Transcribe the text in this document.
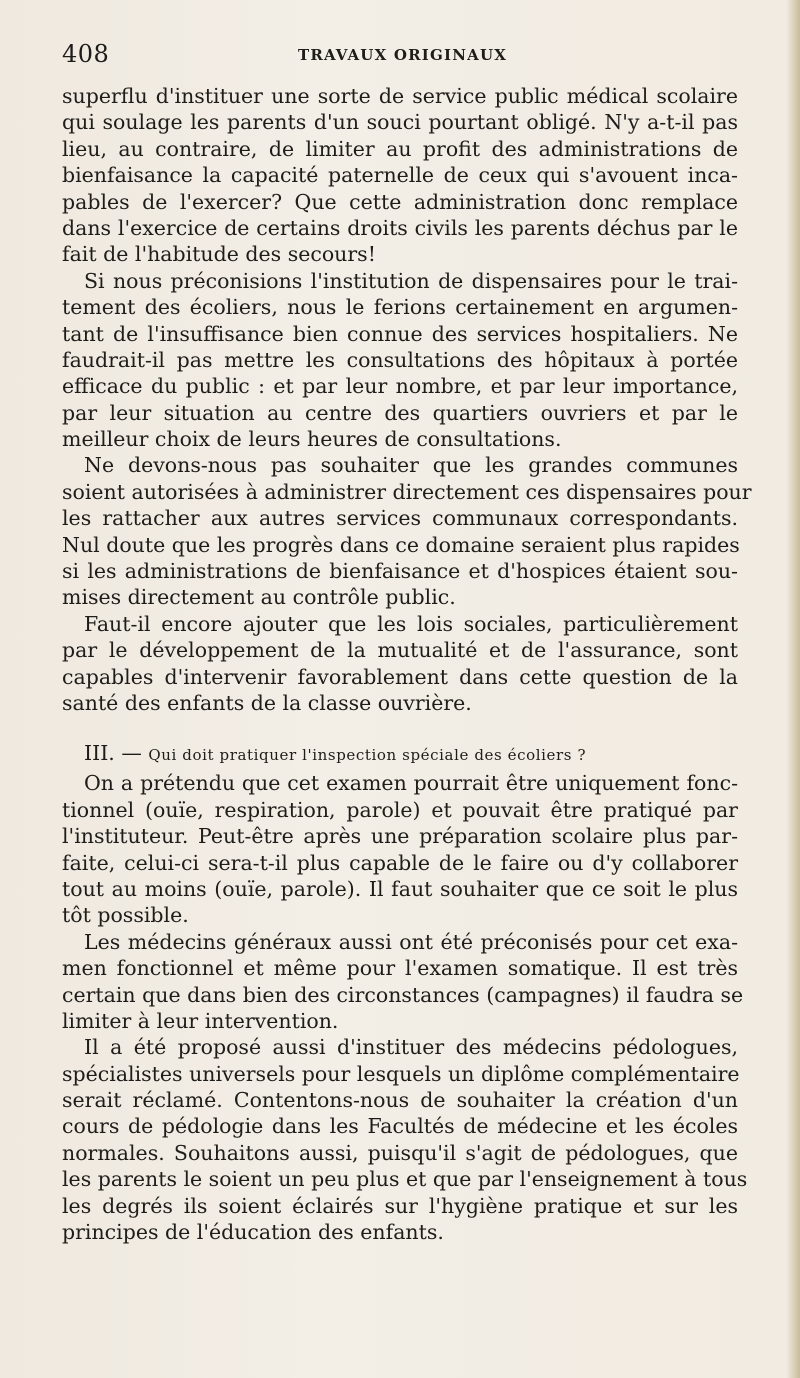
408	TRAVAUX ORIGINAUX
superflu d'instituer une sorte de service public médical scolaire
qui soulage les parents d'un souci pourtant obligé. N'y a-t-il pas
lieu, au contraire, de limiter au profit des administrations de
bienfaisance la capacité paternelle de ceux qui s'avouent inca-
pables de l'exercer? Que cette administration donc remplace
dans l'exercice de certains droits civils les parents déchus par le
fait de l'habitude des secours!
Si nous préconisions l'institution de dispensaires pour le trai-
tement des écoliers, nous le ferions certainement en argumen-
tant de l'insuffisance bien connue des services hospitaliers. Ne
faudrait-il pas mettre les consultations des hôpitaux à portée
efficace du public : et par leur nombre, et par leur importance,
par leur situation au centre des quartiers ouvriers et par le
meilleur choix de leurs heures de consultations.
Ne devons-nous pas souhaiter que les grandes communes
soient autorisées à administrer directement ces dispensaires pour
les rattacher aux autres services communaux correspondants.
Nul doute que les progrès dans ce domaine seraient plus rapides
si les administrations de bienfaisance et d'hospices étaient sou-
mises directement au contrôle public.
Faut-il encore ajouter que les lois sociales, particulièrement
par le développement de la mutualité et de l'assurance, sont
capables d'intervenir favorablement dans cette question de la
santé des enfants de la classe ouvrière.
III. — Qui doit pratiquer l'inspection spéciale des écoliers ?
On a prétendu que cet examen pourrait être uniquement fonc-
tionnel (ouïe, respiration, parole) et pouvait être pratiqué par
l'instituteur. Peut-être après une préparation scolaire plus par-
faite, celui-ci sera-t-il plus capable de le faire ou d'y collaborer
tout au moins (ouïe, parole). Il faut souhaiter que ce soit le plus
tôt possible.
Les médecins généraux aussi ont été préconisés pour cet exa-
men fonctionnel et même pour l'examen somatique. Il est très
certain que dans bien des circonstances (campagnes) il faudra se
limiter à leur intervention.
Il a été proposé aussi d'instituer des médecins pédologues,
spécialistes universels pour lesquels un diplôme complémentaire
serait réclamé. Contentons-nous de souhaiter la création d'un
cours de pédologie dans les Facultés de médecine et les écoles
normales. Souhaitons aussi, puisqu'il s'agit de pédologues, que
les parents le soient un peu plus et que par l'enseignement à tous
les degrés ils soient éclairés sur l'hygiène pratique et sur les
principes de l'éducation des enfants.
